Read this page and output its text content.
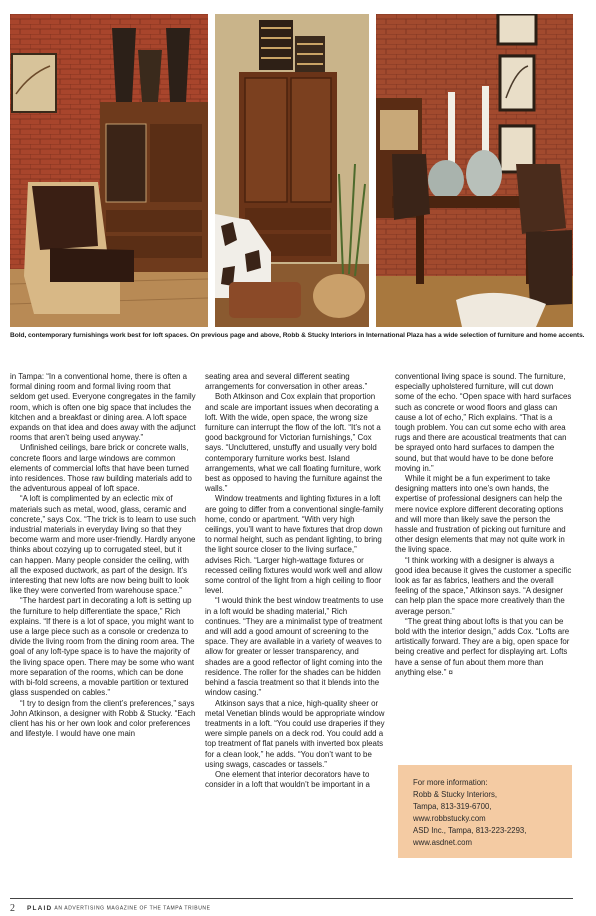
Bold, contemporary furnishings work best for loft spaces. On previous page and above, Robb & Stucky Interiors in International Plaza has a wide selection of furniture and home accents.

in Tampa: “In a conventional home, there is often a formal dining room and formal living room that seldom get used. Everyone congregates in the family room, which is often one big space that includes the kitchen and a breakfast or dining area. A loft space expands on that idea and does away with the adjunct rooms that aren’t being used anyway.”

Unfinished ceilings, bare brick or concrete walls, concrete floors and large windows are common elements of commercial lofts that have been turned into residences. Those raw building materials add to the adventurous appeal of loft space.

“A loft is complimented by an eclectic mix of materials such as metal, wood, glass, ceramic and concrete,” says Cox. “The trick is to learn to use such industrial materials in everyday living so that they become warm and more user-friendly. Hardly anyone thinks about cozying up to corrugated steel, but it can happen. Many people consider the ceiling, with all the exposed ductwork, as part of the design. It’s interesting that new lofts are now being built to look like they were converted from warehouse space.”

“The hardest part in decorating a loft is setting up the furniture to help differentiate the space,” Rich explains. “If there is a lot of space, you might want to use a large piece such as a console or credenza to divide the living room from the dining room area. The goal of any loft-type space is to have the majority of the living space open. There may be some who want more separation of the rooms, which can be done with bi-fold screens, a movable partition or textured glass suspended on cables.”

“I try to design from the client’s preferences,” says John Atkinson, a designer with Robb & Stucky. “Each client has his or her own look and color preferences and lifestyle. I would have one main

seating area and several different seating arrangements for conversation in other areas.”

Both Atkinson and Cox explain that proportion and scale are important issues when decorating a loft. With the wide, open space, the wrong size furniture can interrupt the flow of the loft. “It’s not a good background for Victorian furnishings,” Cox says. “Uncluttered, unstuffy and usually very bold contemporary furniture works best. Island arrangements, what we call floating furniture, work best as opposed to having the furniture against the walls.”

Window treatments and lighting fixtures in a loft are going to differ from a conventional single-family home, condo or apartment. “With very high ceilings, you’ll want to have fixtures that drop down to normal height, such as pendant lighting, to bring the light source closer to the living surface,” advises Rich. “Larger high-wattage fixtures or recessed ceiling fixtures would work well and allow some control of the light from a high ceiling to floor level.

“I would think the best window treatments to use in a loft would be shading material,” Rich continues. “They are a minimalist type of treatment and will add a good amount of screening to the space. They are available in a variety of weaves to allow for greater or lesser transparency, and shades are a good reflector of light coming into the residence. The roller for the shades can be hidden behind a fascia treatment so that it blends into the window casing.”

Atkinson says that a nice, high-quality sheer or metal Venetian blinds would be appropriate window treatments in a loft. “You could use draperies if they were simple panels on a deck rod. You could add a top treatment of flat panels with inverted box pleats for a clean look,” he adds. “You don’t want to be using swags, cascades or tassels.”

One element that interior decorators have to consider in a loft that wouldn’t be important in a

conventional living space is sound. The furniture, especially upholstered furniture, will cut down some of the echo. “Open space with hard surfaces such as concrete or wood floors and glass can cause a lot of echo,” Rich explains. “That is a tough problem. You can cut some echo with area rugs and there are acoustical treatments that can be sprayed onto hard surfaces to dampen the sound, but that would have to be done before moving in.”

While it might be a fun experiment to take designing matters into one’s own hands, the expertise of professional designers can help the mere novice explore different decorating options and will more than likely save the person the hassle and frustration of picking out furniture and other design elements that may not quite work in the living space.

“I think working with a designer is always a good idea because it gives the customer a specific look as far as fabrics, leathers and the overall feeling of the space,” Atkinson says. “A designer can help plan the space more creatively than the average person.”

“The great thing about lofts is that you can be bold with the interior design,” adds Cox. “Lofts are artistically forward. They are a big, open space for being creative and perfect for displaying art. Lofts have a sense of fun about them more than anything else.” ¤

For more information:
Robb & Stucky Interiors,
Tampa, 813-319-6700,
www.robbstucky.com
ASD Inc., Tampa, 813-223-2293,
www.asdnet.com
2 PLAID AN ADVERTISING MAGAZINE OF THE TAMPA TRIBUNE
